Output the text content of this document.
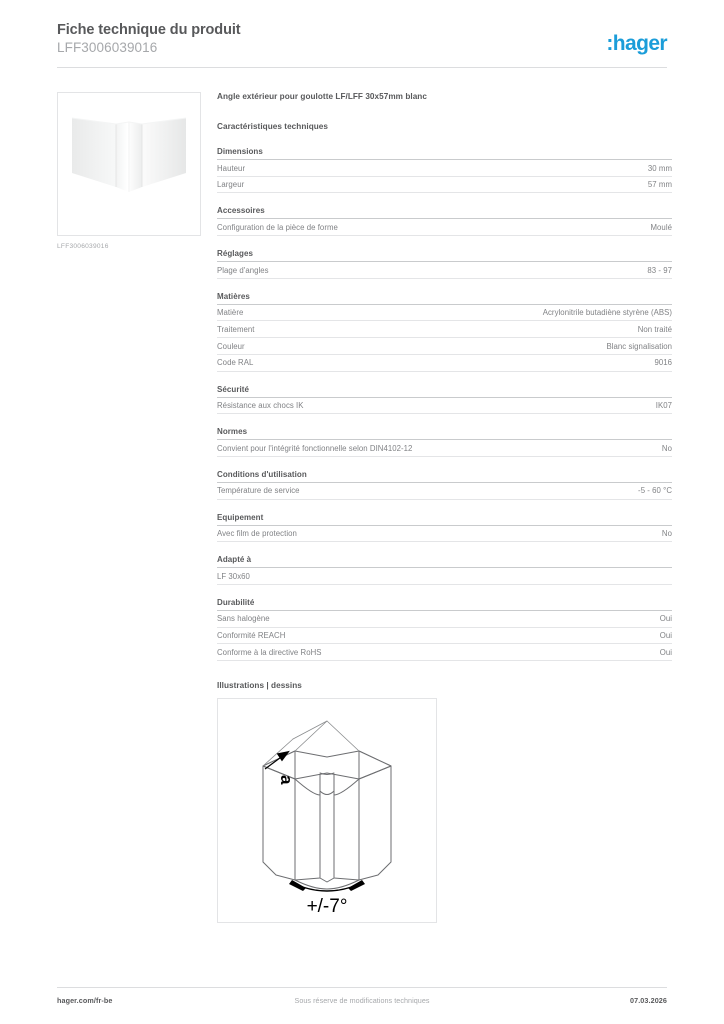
Fiche technique du produit
LFF3006039016	:hager
LFF3006039016
Angle extérieur pour goulotte LF/LFF 30x57mm blanc
Caractéristiques techniques
Dimensions
Hauteur	30 mm
Largeur	57 mm
Accessoires
Configuration de la pièce de forme	Moulé
Réglages
Plage d'angles	83 - 97
Matières
Matière	Acrylonitrile butadiène styrène (ABS)
Traitement	Non traité
Couleur	Blanc signalisation
Code RAL	9016
Sécurité
Résistance aux chocs IK	IK07
Normes
Convient pour l'intégrité fonctionnelle selon DIN4102-12	No
Conditions d'utilisation
Température de service	-5 - 60 °C
Equipement
Avec film de protection	No
Adapté à
LF 30x60
Durabilité
Sans halogène	Oui
Conformité REACH	Oui
Conforme à la directive RoHS	Oui
Illustrations | dessins
a
+/-7°
hager.com/fr-be	Sous réserve de modifications techniques	07.03.2026
